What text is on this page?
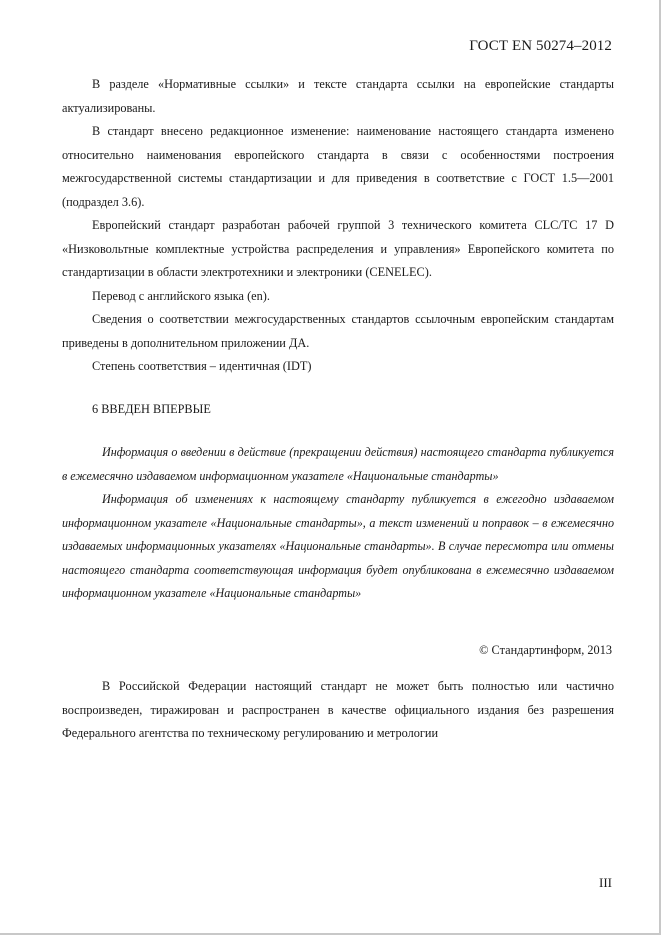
ГОСТ EN 50274–2012

В разделе «Нормативные ссылки» и тексте стандарта ссылки на европейские стандарты актуализированы.

В стандарт внесено редакционное изменение: наименование настоящего стандарта изменено относительно наименования европейского стандарта в связи с особенностями построения межгосударственной системы стандартизации и для приведения в соответствие с ГОСТ 1.5—2001 (подраздел 3.6).

Европейский стандарт разработан рабочей группой 3 технического комитета CLC/TC 17 D «Низковольтные комплектные устройства распределения и управления» Европейского комитета по стандартизации в области электротехники и электроники (CENELEC).

Перевод с английского языка (en).

Сведения о соответствии межгосударственных стандартов ссылочным европейским стандартам приведены в дополнительном приложении ДА.

Степень соответствия – идентичная (IDT)

6 ВВЕДЕН ВПЕРВЫЕ

Информация о введении в действие (прекращении действия) настоящего стандарта публикуется в ежемесячно издаваемом информационном указателе «Национальные стандарты»

Информация об изменениях к настоящему стандарту публикуется в ежегодно издаваемом информационном указателе «Национальные стандарты», а текст изменений и поправок – в ежемесячно издаваемых информационных указателях «Национальные стандарты». В случае пересмотра или отмены настоящего стандарта соответствующая информация будет опубликована в ежемесячно издаваемом информационном указателе «Национальные стандарты»

© Стандартинформ, 2013

В Российской Федерации настоящий стандарт не может быть полностью или частично воспроизведен, тиражирован и распространен в качестве официального издания без разрешения Федерального агентства по техническому регулированию и метрологии

III
